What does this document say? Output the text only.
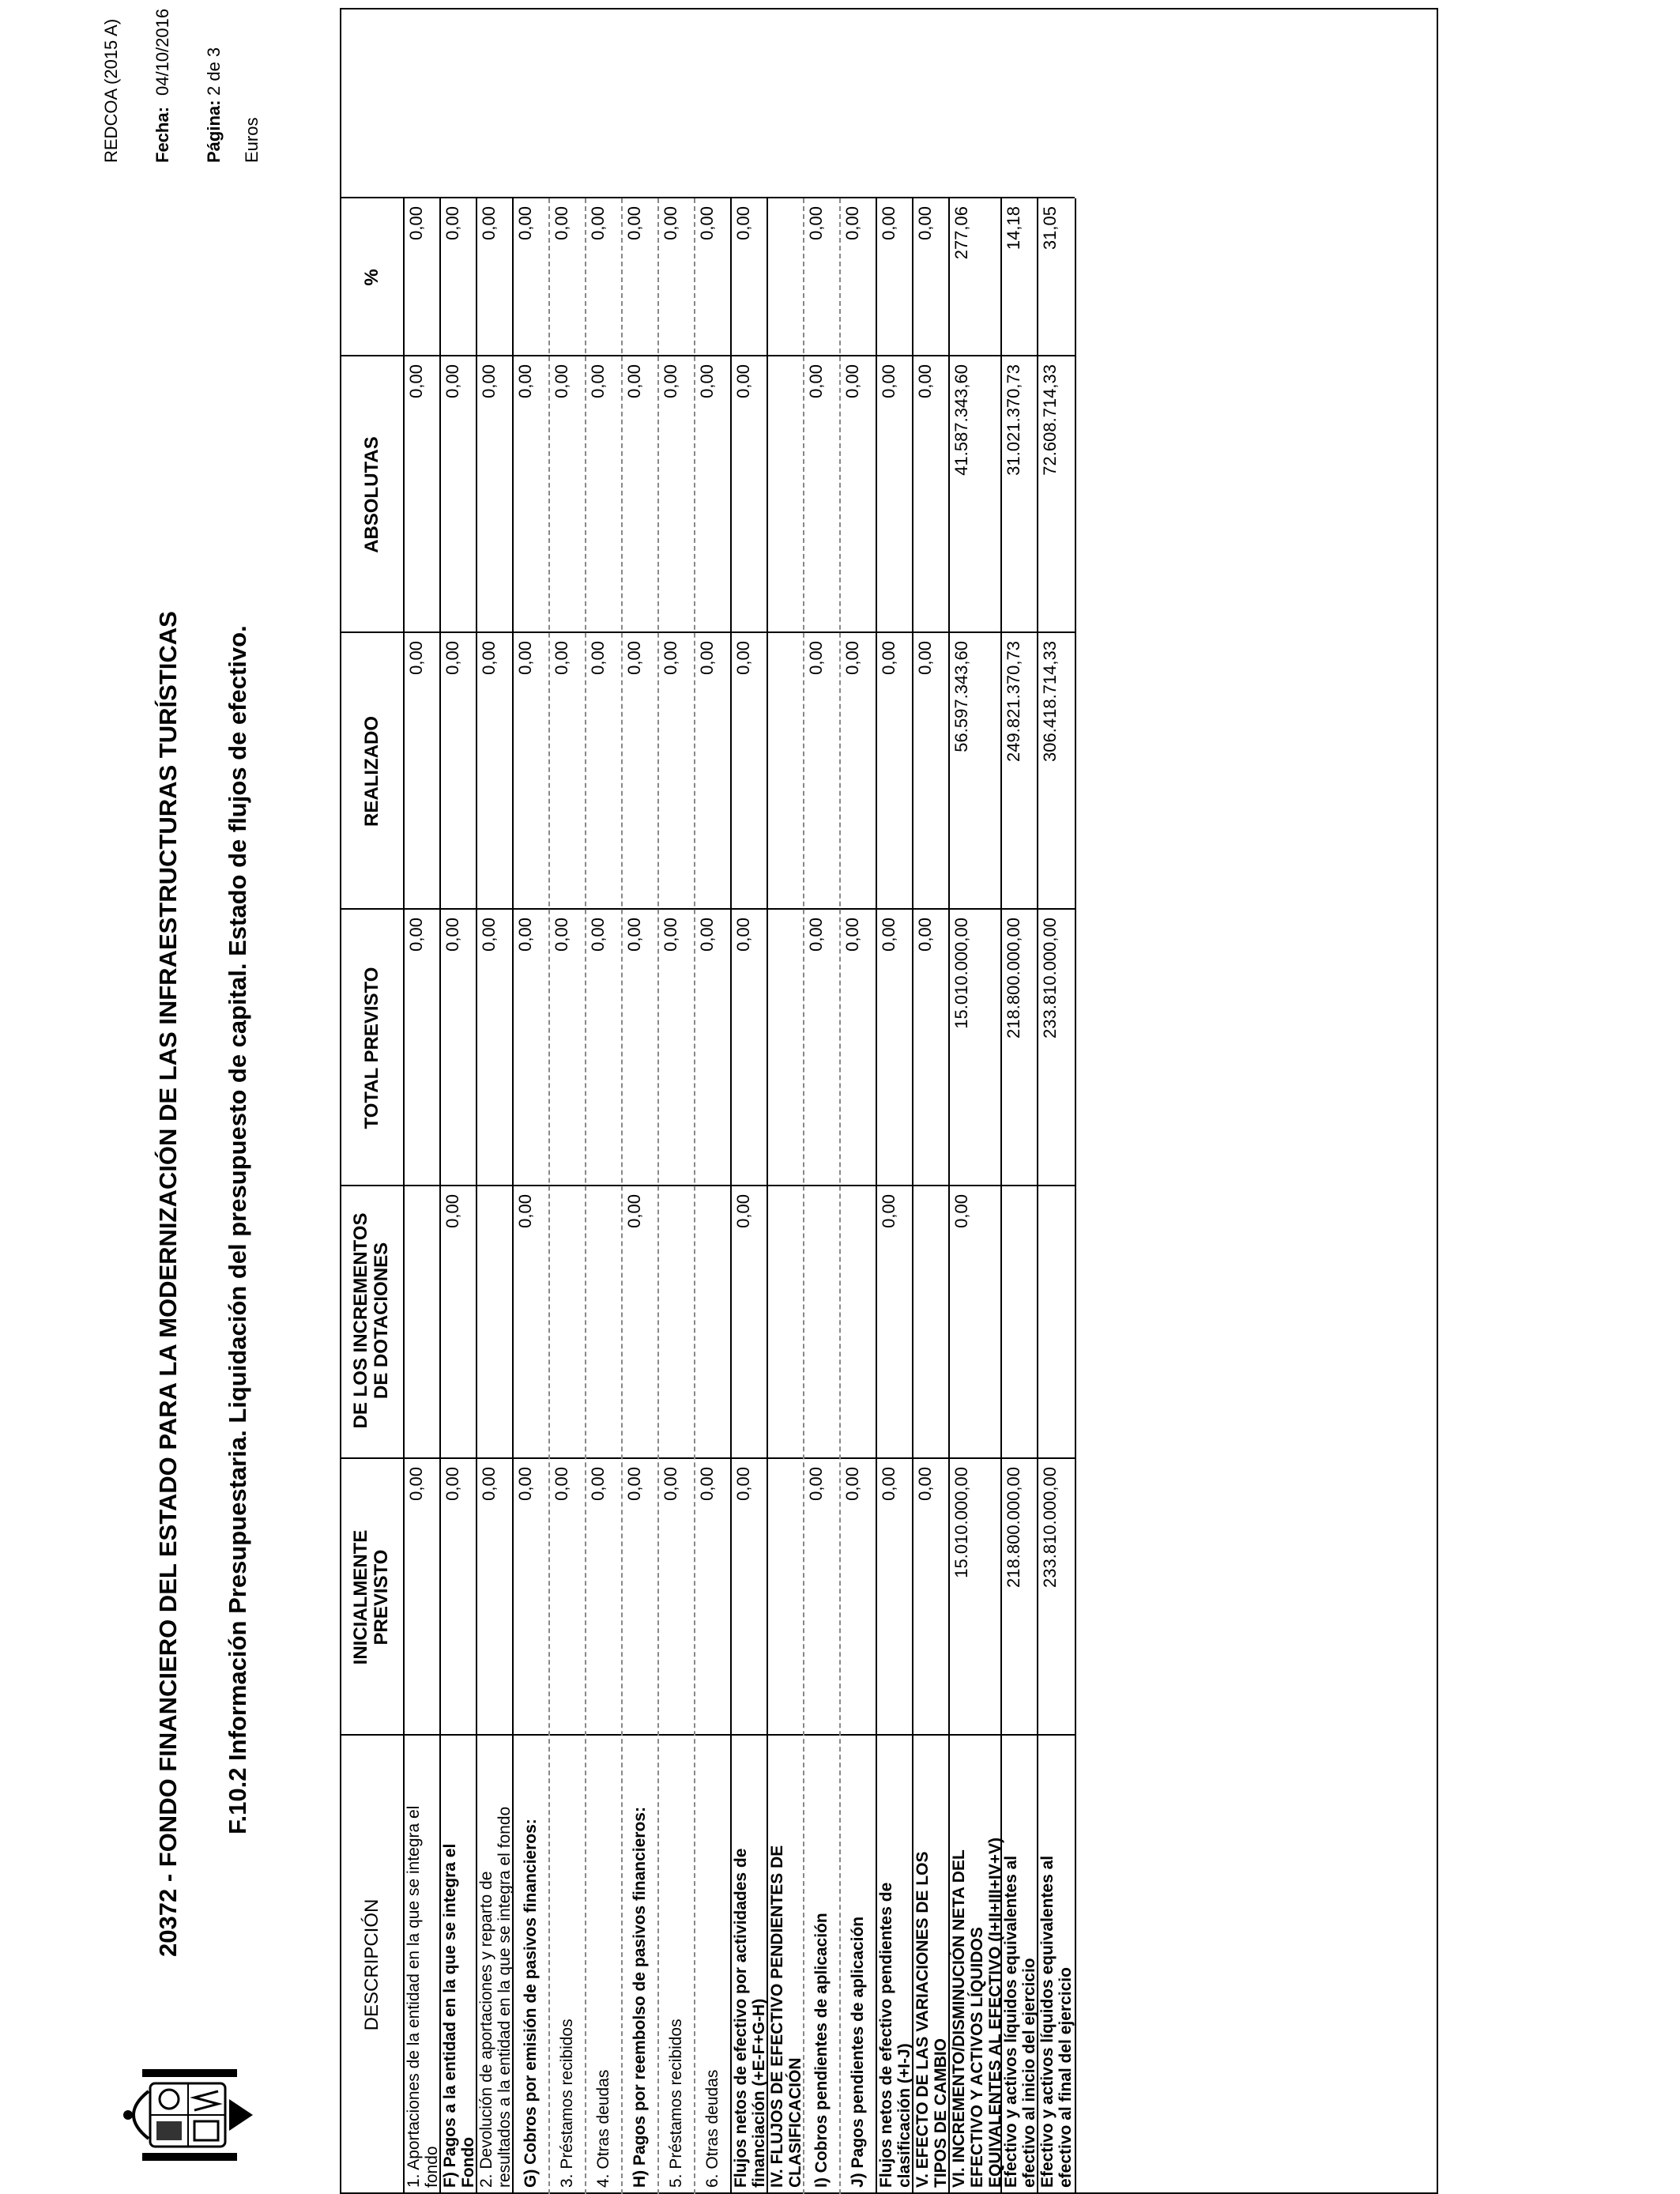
20372 - FONDO FINANCIERO DEL ESTADO PARA LA MODERNIZACIÓN DE LAS INFRAESTRUCTURAS TURÍSTICAS F.10.2 Información Presupuestaria. Liquidación del presupuesto de capital. Estado de flujos de efectivo.
REDCOA (2015 A) Fecha:04/10/2016
Página:2 de 3
Euros
DESCRIPCIÓN
INICIALMENTE PREVISTO
DE LOS INCREMENTOS DE DOTACIONES
TOTAL PREVISTO
REALIZADO
ABSOLUTAS
%
1. Aportaciones de la entidad en la que se integra el fondo
0,00
0,00
0,00
0,00
0,00
F) Pagos a la entidad en la que se integra el Fondo
0,00
0,00
0,00
0,00
0,00
0,00
2. Devolución de aportaciones y reparto de resultados a la entidad en la que se integra el fondo
0,00
0,00
0,00
0,00
0,00
G) Cobros por emisión de pasivos financieros:
0,00
0,00
0,00
0,00
0,00
0,00
3. Préstamos recibidos
0,00
0,00
0,00
0,00
0,00
4. Otras deudas
0,00
0,00
0,00
0,00
0,00
H) Pagos por reembolso de pasivos financieros:
0,00
0,00
0,00
0,00
0,00
0,00
5. Préstamos recibidos
0,00
0,00
0,00
0,00
0,00
6. Otras deudas
0,00
0,00
0,00
0,00
0,00
Flujos netos de efectivo por actividades de financiación (+E-F+G-H)
0,00
0,00
0,00
0,00
0,00
0,00
IV. FLUJOS DE EFECTIVO PENDIENTES DE CLASIFICACIÓN I) Cobros pendientes de aplicación
0,00
0,00
0,00
0,00
0,00
J) Pagos pendientes de aplicación
0,00
0,00
0,00
0,00
0,00
Flujos netos de efectivo pendientes de clasificación (+I-J)
0,00
0,00
0,00
0,00
0,00
0,00
V. EFECTO DE LAS VARIACIONES DE LOS TIPOS DE CAMBIO
0,00
0,00
0,00
0,00
0,00
VI. INCREMENTO/DISMINUCIÓN NETA DEL EFECTIVO Y ACTIVOS LÍQUIDOS EQUIVALENTES AL EFECTIVO (I+II+III+IV+V)
15.010.000,00
0,00
15.010.000,00
56.597.343,60
41.587.343,60
277,06
Efectivo y activos líquidos equivalentes al efectivo al inicio del ejercicio
218.800.000,00
218.800.000,00
249.821.370,73
31.021.370,73
14,18
Efectivo y activos líquidos equivalentes al efectivo al final del ejercicio
233.810.000,00
233.810.000,00
306.418.714,33
72.608.714,33
31,05
